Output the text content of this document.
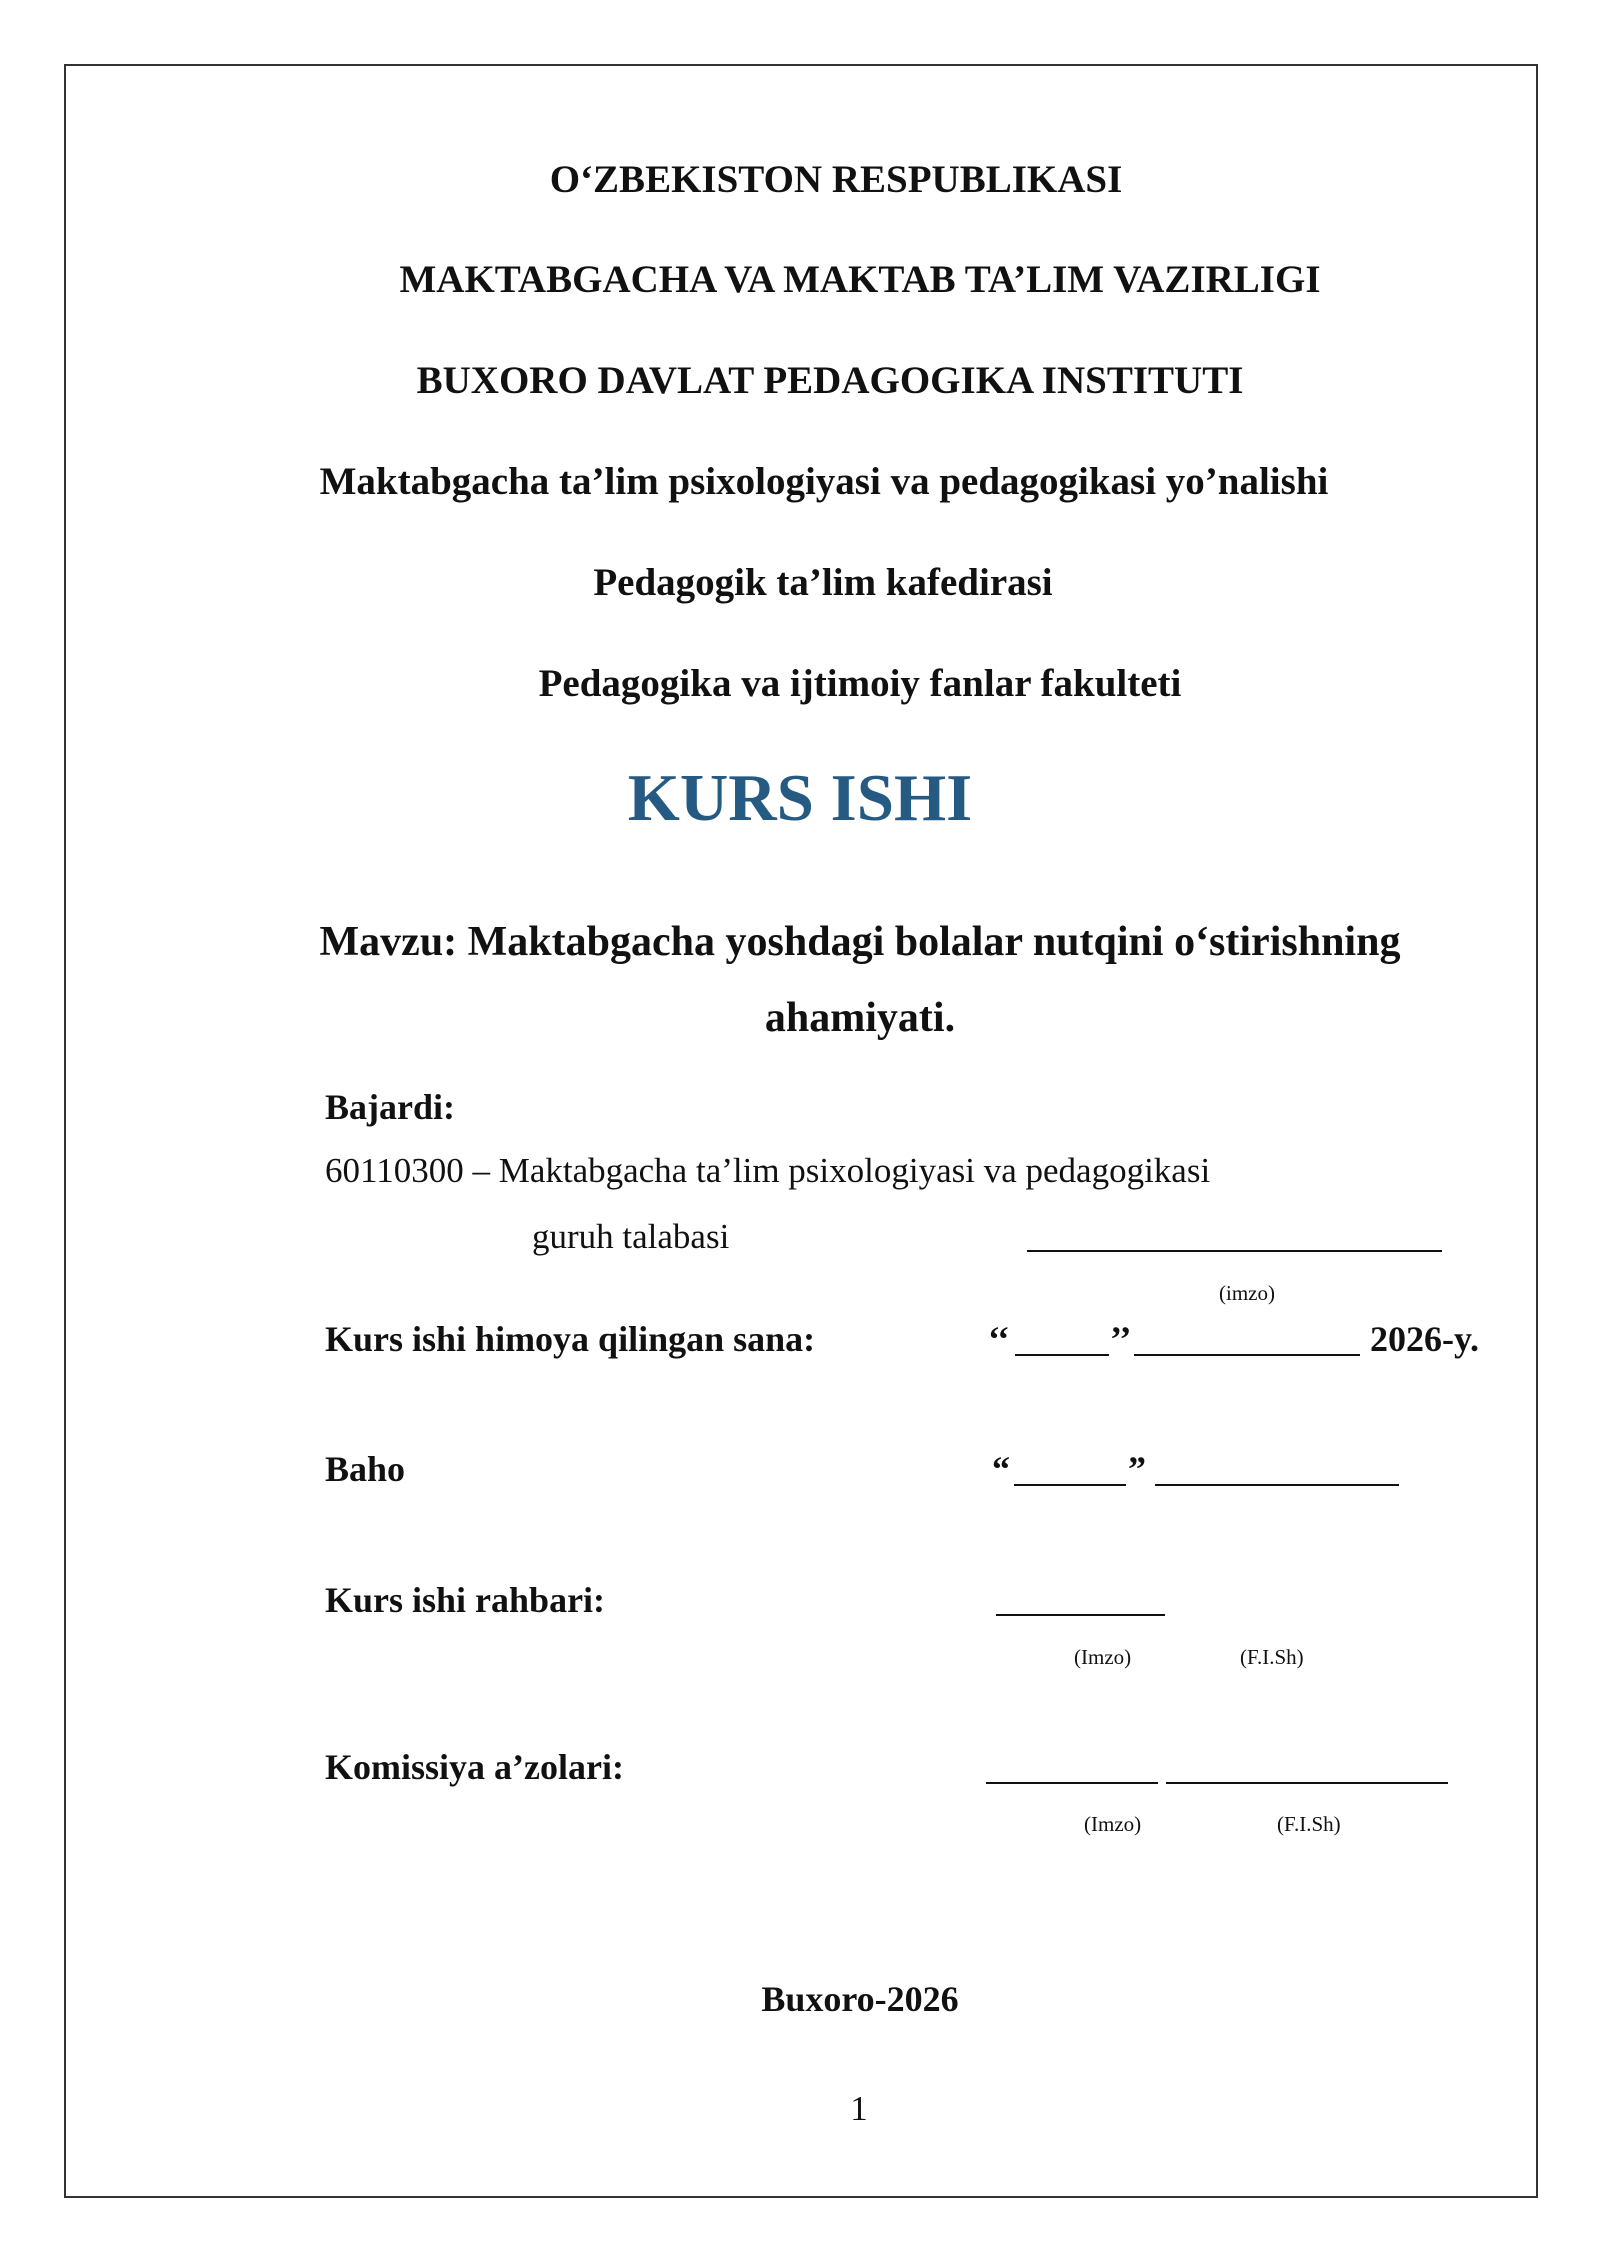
O‘ZBEKISTON RESPUBLIKASI
MAKTABGACHA VA MAKTAB TA’LIM VAZIRLIGI
BUXORO DAVLAT PEDAGOGIKA INSTITUTI
Maktabgacha ta’lim psixologiyasi va pedagogikasi yo’nalishi
Pedagogik ta’lim kafedirasi
Pedagogika va ijtimoiy fanlar fakulteti
KURS ISHI
Mavzu: Maktabgacha yoshdagi bolalar nutqini o‘stirishning ahamiyati.
Bajardi:
60110300 – Maktabgacha ta’lim psixologiyasi va pedagogikasi
guruh talabasi
(imzo)
Kurs ishi himoya qilingan sana:	‘‘	’’	2026-y.
Baho	“	”
Kurs ishi rahbari:
(Imzo)	(F.I.Sh)
Komissiya a’zolari:
(Imzo)	(F.I.Sh)
Buxoro-2026
1
